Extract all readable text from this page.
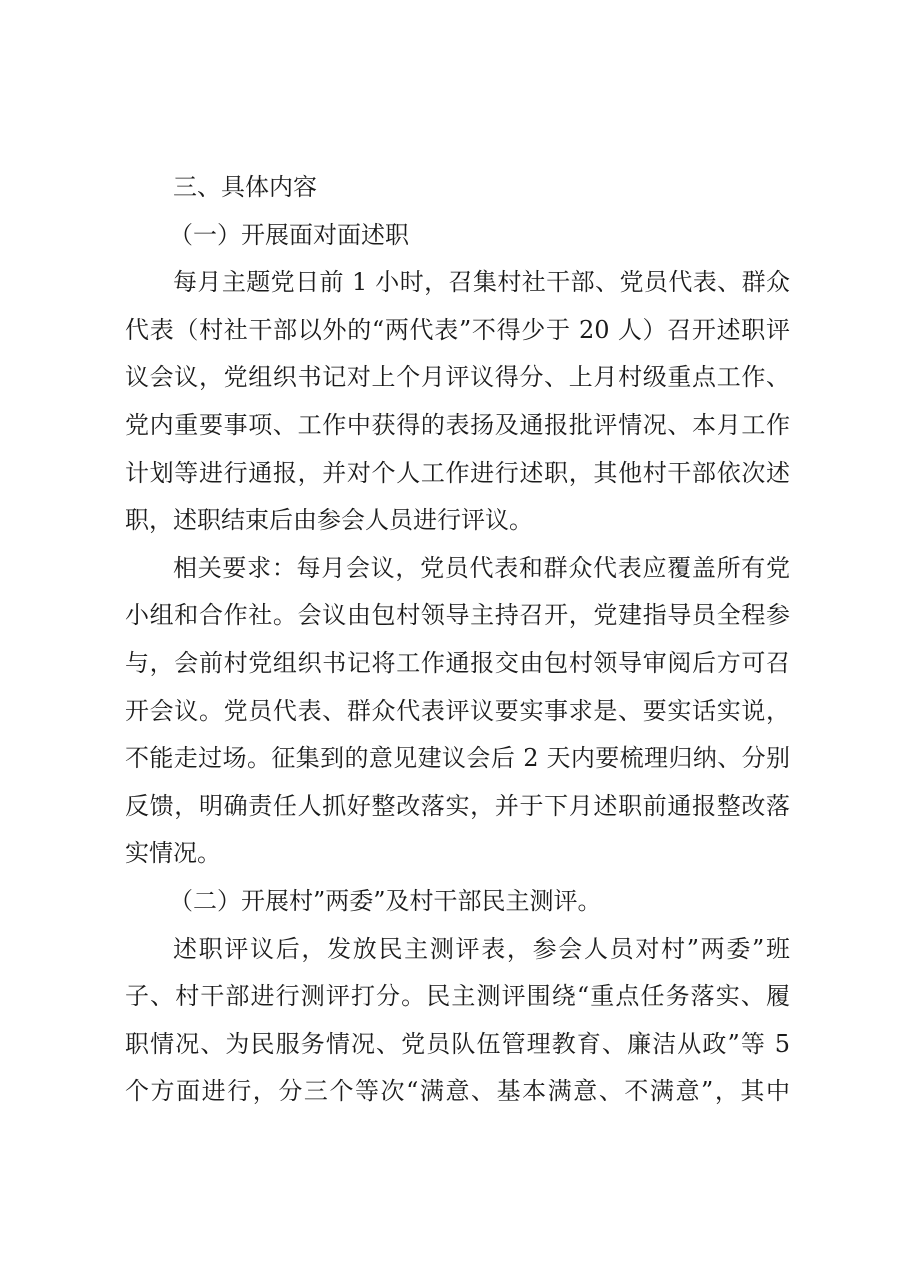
三、具体内容
（一）开展面对面述职
每月主题党日前 1 小时，召集村社干部、党员代表、群众
代表（村社干部以外的“两代表”不得少于 20 人）召开述职评
议会议，党组织书记对上个月评议得分、上月村级重点工作、
党内重要事项、工作中获得的表扬及通报批评情况、本月工作
计划等进行通报，并对个人工作进行述职，其他村干部依次述
职，述职结束后由参会人员进行评议。
相关要求：每月会议，党员代表和群众代表应覆盖所有党
小组和合作社。会议由包村领导主持召开，党建指导员全程参
与，会前村党组织书记将工作通报交由包村领导审阅后方可召
开会议。党员代表、群众代表评议要实事求是、要实话实说，
不能走过场。征集到的意见建议会后 2 天内要梳理归纳、分别
反馈，明确责任人抓好整改落实，并于下月述职前通报整改落
实情况。
（二）开展村”两委”及村干部民主测评。
述职评议后，发放民主测评表，参会人员对村”两委”班
子、村干部进行测评打分。民主测评围绕“重点任务落实、履
职情况、为民服务情况、党员队伍管理教育、廉洁从政”等 5
个方面进行，分三个等次“满意、基本满意、不满意”，其中
